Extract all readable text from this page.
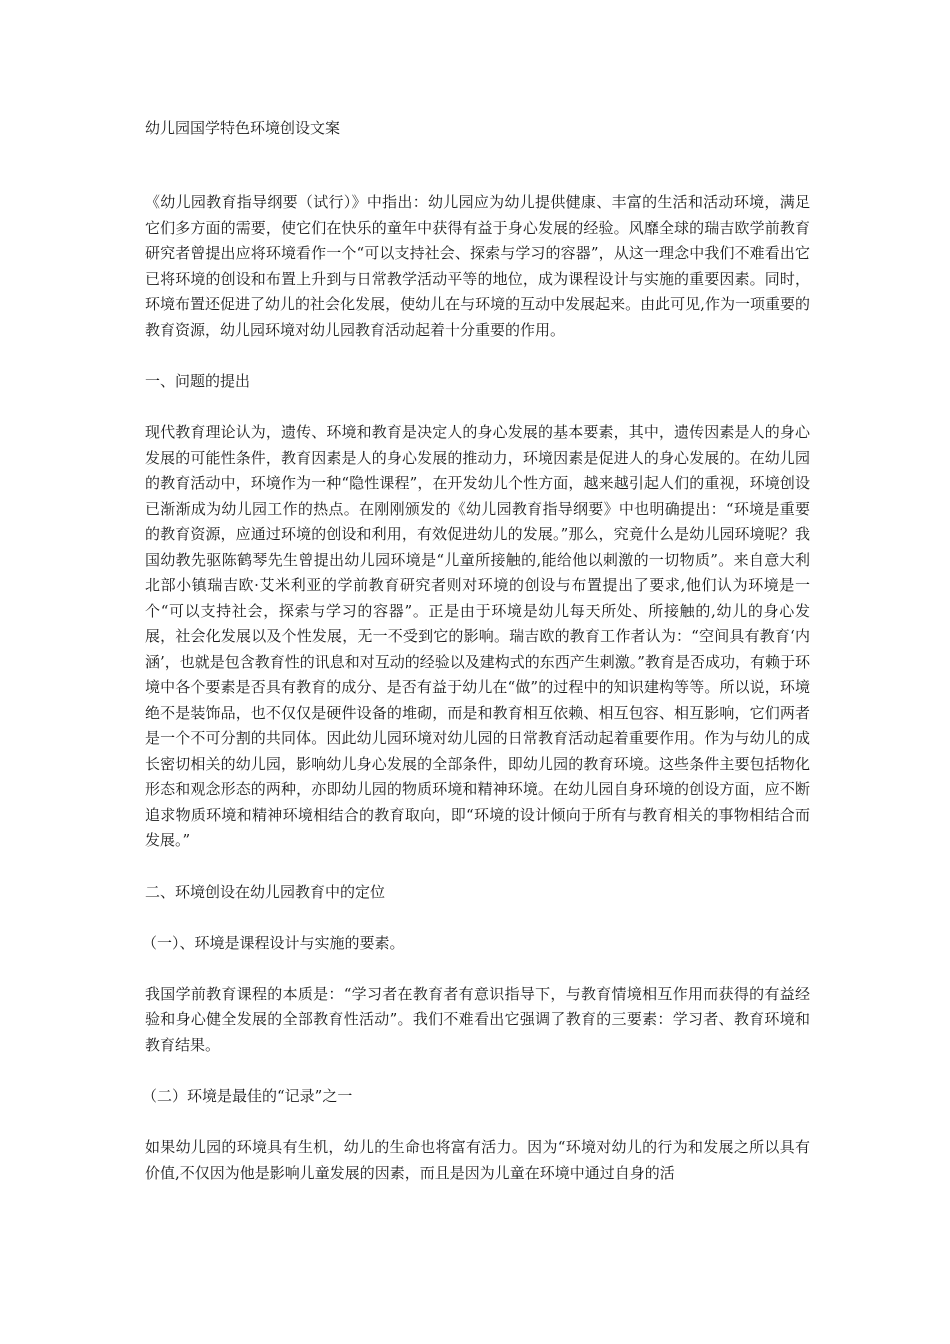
幼儿园国学特色环境创设文案
《幼儿园教育指导纲要（试行）》中指出：幼儿园应为幼儿提供健康、丰富的生活和活动环境，满足它们多方面的需要，使它们在快乐的童年中获得有益于身心发展的经验。风靡全球的瑞吉欧学前教育研究者曾提出应将环境看作一个“可以支持社会、探索与学习的容器”，从这一理念中我们不难看出它已将环境的创设和布置上升到与日常教学活动平等的地位，成为课程设计与实施的重要因素。同时，环境布置还促进了幼儿的社会化发展，使幼儿在与环境的互动中发展起来。由此可见,作为一项重要的教育资源，幼儿园环境对幼儿园教育活动起着十分重要的作用。
一、问题的提出
现代教育理论认为，遗传、环境和教育是决定人的身心发展的基本要素，其中，遗传因素是人的身心发展的可能性条件，教育因素是人的身心发展的推动力，环境因素是促进人的身心发展的。在幼儿园的教育活动中，环境作为一种“隐性课程”，在开发幼儿个性方面，越来越引起人们的重视，环境创设已渐渐成为幼儿园工作的热点。在刚刚颁发的《幼儿园教育指导纲要》中也明确提出：“环境是重要的教育资源，应通过环境的创设和利用，有效促进幼儿的发展。”那么，究竟什么是幼儿园环境呢？我国幼教先驱陈鹤琴先生曾提出幼儿园环境是“儿童所接触的,能给他以刺激的一切物质”。来自意大利北部小镇瑞吉欧·艾米利亚的学前教育研究者则对环境的创设与布置提出了要求,他们认为环境是一个“可以支持社会，探索与学习的容器”。正是由于环境是幼儿每天所处、所接触的,幼儿的身心发展，社会化发展以及个性发展，无一不受到它的影响。瑞吉欧的教育工作者认为：“空间具有教育‘内涵’，也就是包含教育性的讯息和对互动的经验以及建构式的东西产生刺激。”教育是否成功，有赖于环境中各个要素是否具有教育的成分、是否有益于幼儿在“做”的过程中的知识建构等等。所以说，环境绝不是装饰品，也不仅仅是硬件设备的堆砌，而是和教育相互依赖、相互包容、相互影响，它们两者是一个不可分割的共同体。因此幼儿园环境对幼儿园的日常教育活动起着重要作用。作为与幼儿的成长密切相关的幼儿园，影响幼儿身心发展的全部条件，即幼儿园的教育环境。这些条件主要包括物化形态和观念形态的两种，亦即幼儿园的物质环境和精神环境。在幼儿园自身环境的创设方面，应不断追求物质环境和精神环境相结合的教育取向，即“环境的设计倾向于所有与教育相关的事物相结合而发展。”
二、环境创设在幼儿园教育中的定位
（一）、环境是课程设计与实施的要素。
我国学前教育课程的本质是：“学习者在教育者有意识指导下，与教育情境相互作用而获得的有益经验和身心健全发展的全部教育性活动”。我们不难看出它强调了教育的三要素：学习者、教育环境和教育结果。
（二）环境是最佳的“记录”之一
如果幼儿园的环境具有生机，幼儿的生命也将富有活力。因为“环境对幼儿的行为和发展之所以具有价值,不仅因为他是影响儿童发展的因素，而且是因为儿童在环境中通过自身的活
